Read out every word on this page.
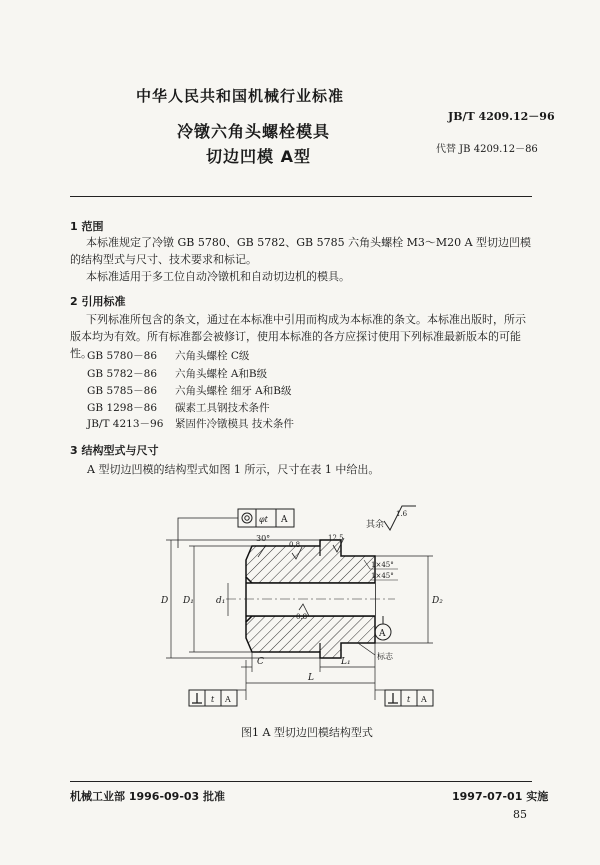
中华人民共和国机械行业标准
JB/T 4209.12－96
冷镦六角头螺栓模具
切边凹模 A型	代替 JB 4209.12－86
1 范围
本标准规定了冷镦 GB 5780、GB 5782、GB 5785 六角头螺栓 M3～M20 A 型切边凹模的结构型式与尺寸、技术要求和标记。
本标准适用于多工位自动冷镦机和自动切边机的模具。
2 引用标准
下列标准所包含的条文，通过在本标准中引用而构成为本标准的条文。本标准出版时，所示版本均为有效。所有标准都会被修订，使用本标准的各方应探讨使用下列标准最新版本的可能性。
GB 5780－86 六角头螺栓 C级
GB 5782－86 六角头螺栓 A和B级
GB 5785－86 六角头螺栓 细牙 A和B级
GB 1298－86 碳素工具钢技术条件
JB/T 4213－96 紧固件冷镦模具 技术条件
3 结构型式与尺寸
A 型切边凹模的结构型式如图 1 所示，尺寸在表 1 中给出。
φt A	其余
1.6
30°
0.8
12.5
0.8
1×45°
1×45°
A
标志
D D₁ d₁	D₂
C	L₁
L
t A	t A
图1 A 型切边凹模结构型式
机械工业部 1996-09-03 批准	1997-07-01 实施
85
